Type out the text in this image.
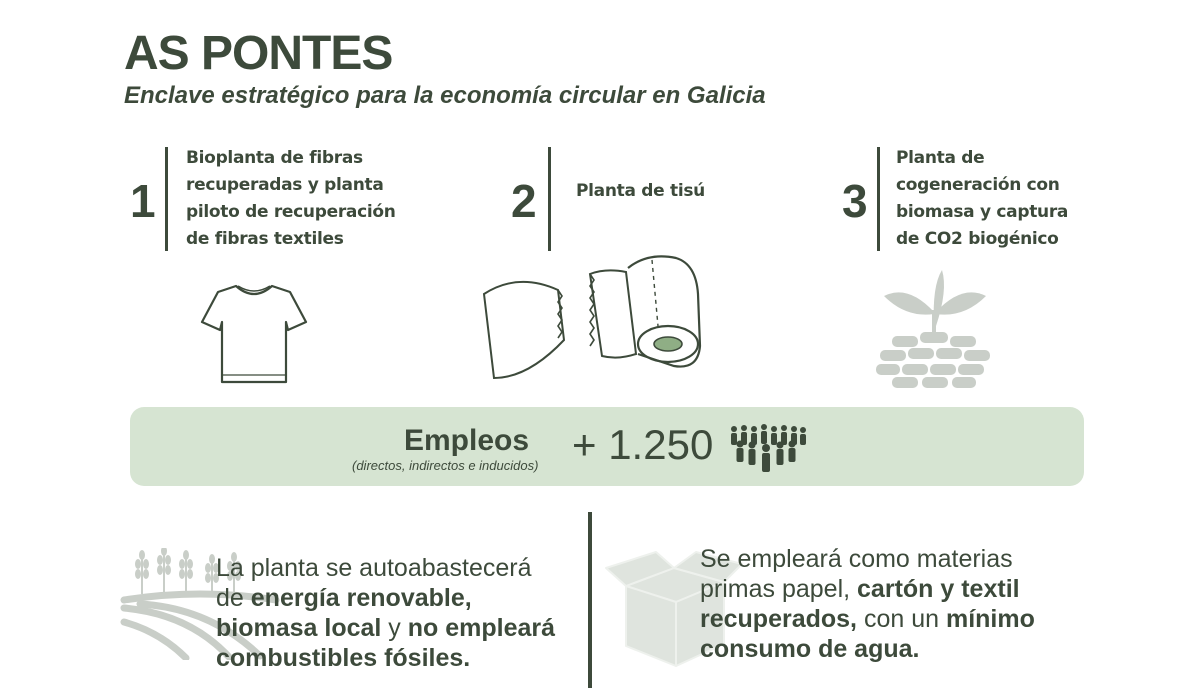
AS PONTES
Enclave estratégico para la economía circular en Galicia
1
Bioplanta de fibras
recuperadas y planta
piloto de recuperación
de fibras textiles
2 Planta de tisú	3
Planta de
cogeneración con
biomasa y captura
de CO2 biogénico
Empleos
(directos, indirectos e inducidos) + 1.250
La planta se autoabastecerá
de energía renovable,
biomasa local y no empleará
combustibles fósiles.
Se empleará como materias
primas papel, cartón y textil
recuperados, con un mínimo
consumo de agua.
